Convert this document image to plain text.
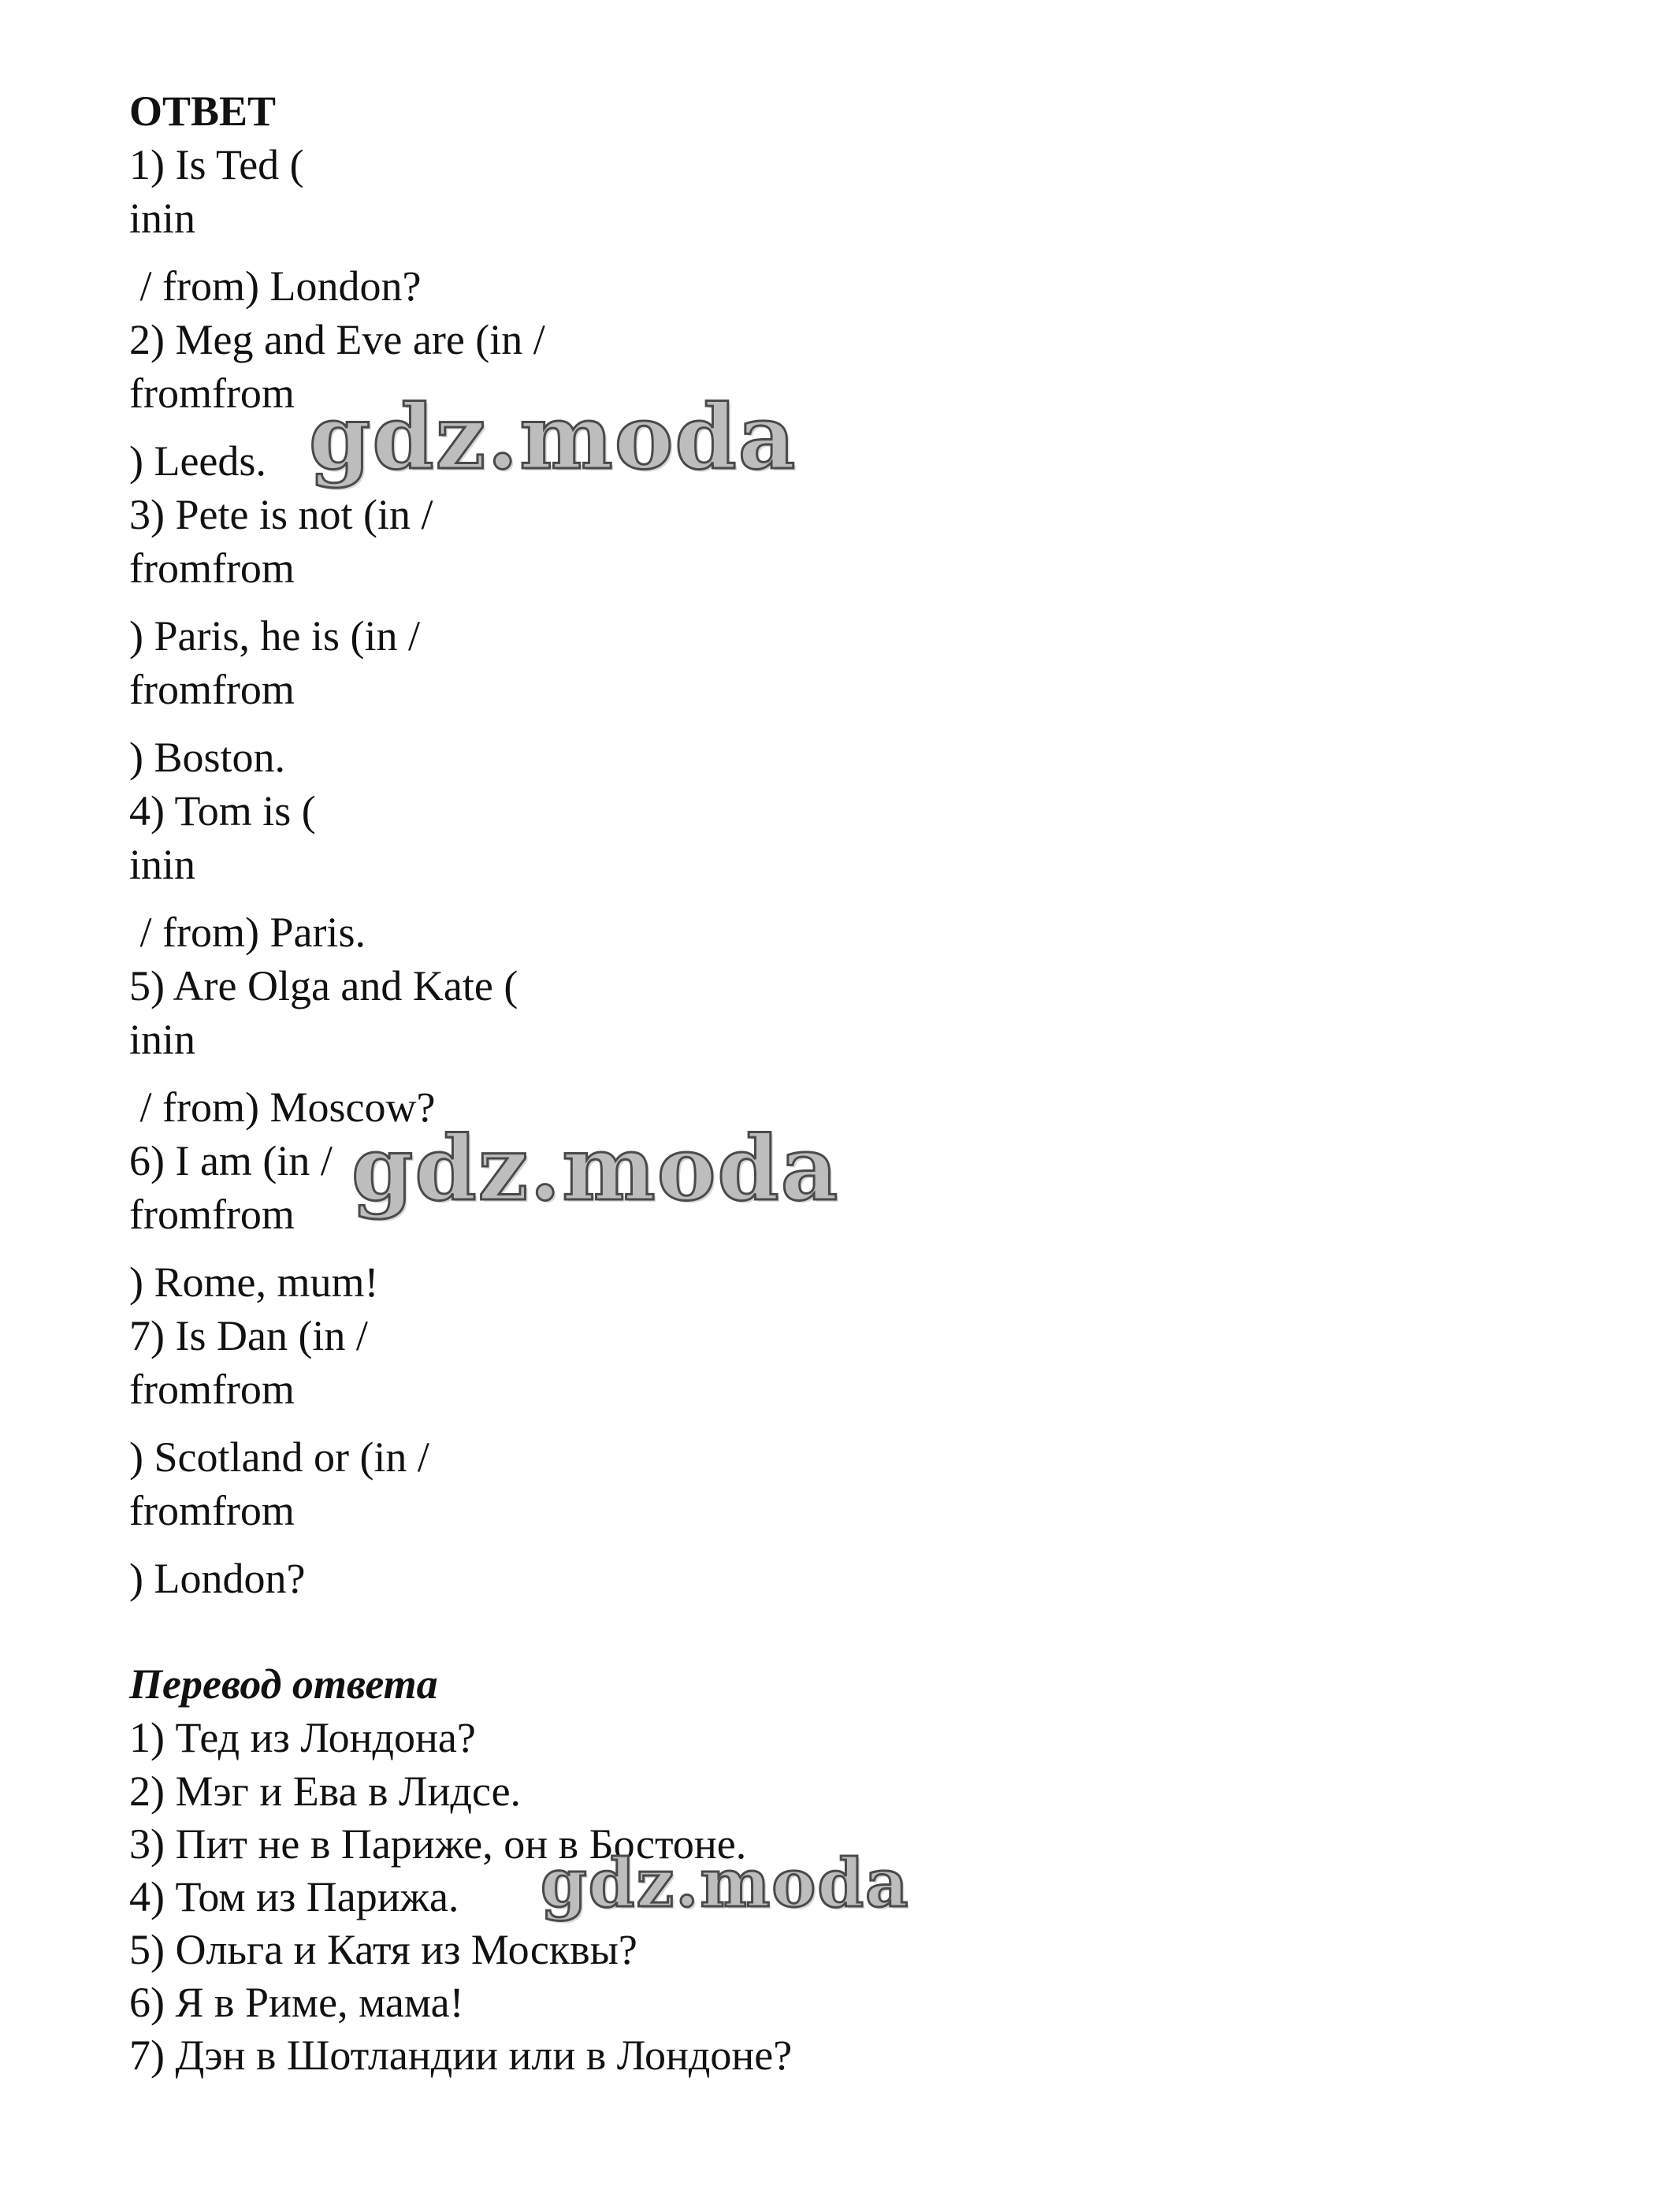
ОТВЕТ
1) Is Ted (
inin
/ from) London?
2) Meg and Eve are (in /
fromfrom
) Leeds.
3) Pete is not (in /
fromfrom
) Paris, he is (in /
fromfrom
) Boston.
4) Tom is (
inin
/ from) Paris.
5) Are Olga and Kate (
inin
/ from) Moscow?
6) I am (in /
fromfrom
) Rome, mum!
7) Is Dan (in /
fromfrom
) Scotland or (in /
fromfrom
) London?
Перевод ответа
1) Тед из Лондона?
2) Мэг и Ева в Лидсе.
3) Пит не в Париже, он в Бостоне.
4) Том из Парижа.
5) Ольга и Катя из Москвы?
6) Я в Риме, мама!
7) Дэн в Шотландии или в Лондоне?
gdz.moda
gdz.moda
gdz.moda
